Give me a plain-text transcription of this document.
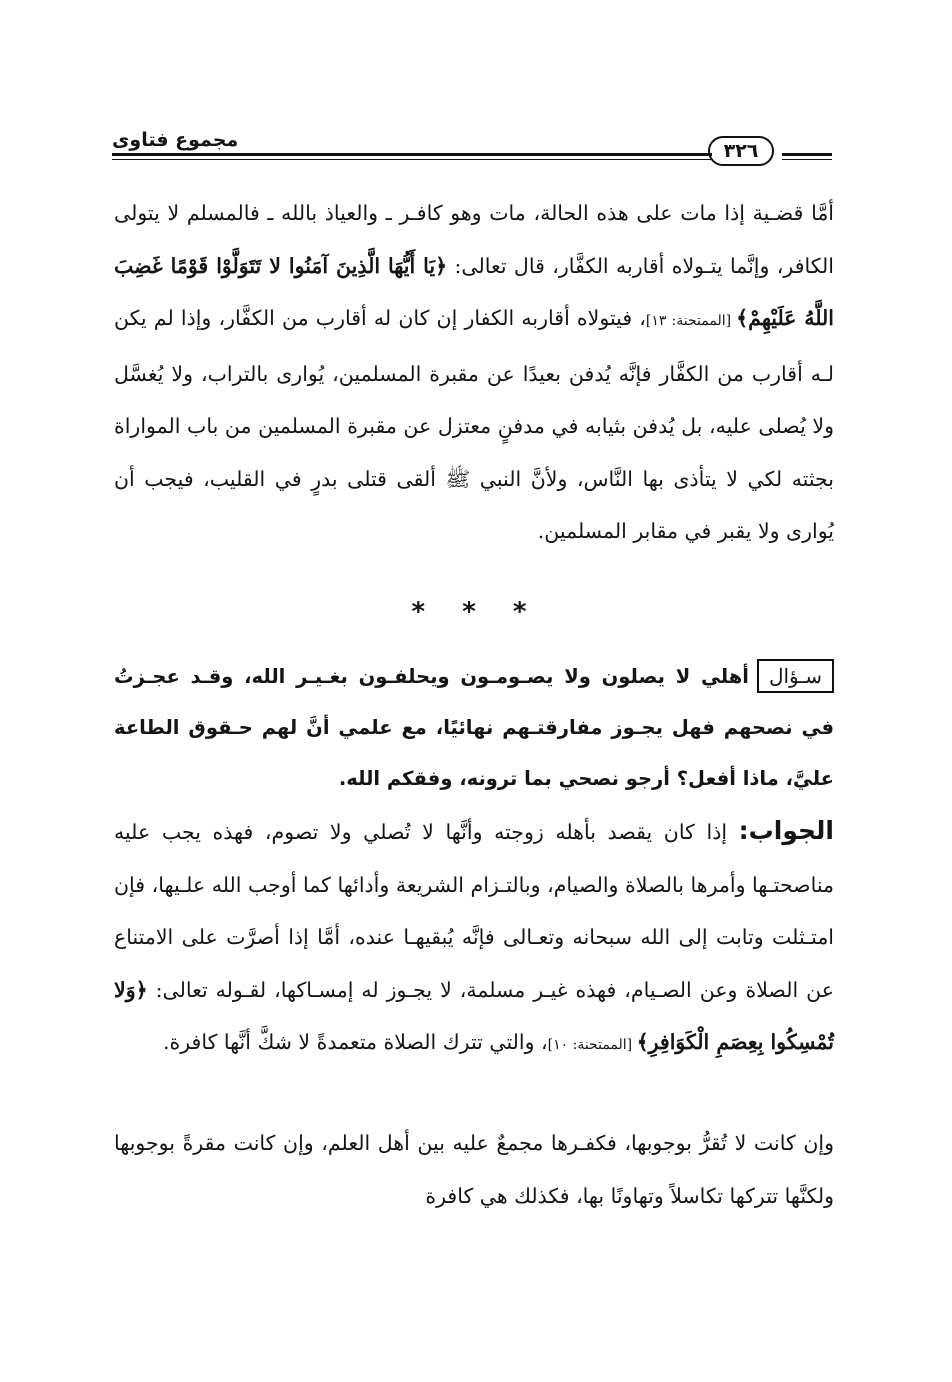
مجموع فتاوى	٣٢٦

أمَّا قضـية إذا مات على هذه الحالة، مات وهو كافـر ـ والعياذ بالله ـ فالمسلم لا يتولى الكافر، وإنَّما يتـولاه أقاربه الكفَّار، قال تعالى: ﴿يَا أَيُّهَا الَّذِينَ آمَنُوا لا تَتَوَلَّوْا قَوْمًا غَضِبَ اللَّهُ عَلَيْهِمْ﴾ [الممتحنة: ١٣]، فيتولاه أقاربه الكفار إن كان له أقارب من الكفَّار، وإذا لم يكن لـه أقارب من الكفَّار فإنَّه يُدفن بعيدًا عن مقبرة المسلمين، يُوارى بالتراب، ولا يُغسَّل ولا يُصلى عليه، بل يُدفن بثيابه في مدفنٍ معتزل عن مقبرة المسلمين من باب المواراة بجثته لكي لا يتأذى بها النَّاس، ولأنَّ النبي ﷺ ألقى قتلى بدرٍ في القليب، فيجب أن يُوارى ولا يقبر في مقابر المسلمين.

* * *
سـؤالأهلي لا يصلون ولا يصـومـون ويحلفـون بغـيـر الله، وقـد عجـزتُ في نصحهم فهل يجـوز مفارقتـهم نهائيًا، مع علمي أنَّ لهم حـقوق الطاعة عليَّ، ماذا أفعل؟ أرجو نصحي بما ترونه، وفقكم الله.

الجواب: إذا كان يقصد بأهله زوجته وأنَّها لا تُصلي ولا تصوم، فهذه يجب عليه مناصحتـها وأمرها بالصلاة والصيام، وبالتـزام الشريعة وأدائها كما أوجب الله علـيها، فإن امتـثلت وتابت إلى الله سبحانه وتعـالى فإنَّه يُبقيهـا عنده، أمَّا إذا أصرَّت على الامتناع عن الصلاة وعن الصـيام، فهذه غيـر مسلمة، لا يجـوز له إمسـاكها، لقـوله تعالى: ﴿وَلا تُمْسِكُوا بِعِصَمِ الْكَوَافِرِ﴾ [الممتحنة: ١٠]، والتي تترك الصلاة متعمدةً لا شكَّ أنَّها كافرة.

وإن كانت لا تُقرُّ بوجوبها، فكفـرها مجمعٌ عليه بين أهل العلم، وإن كانت مقرةً بوجوبها ولكنَّها تتركها تكاسلاً وتهاونًا بها، فكذلك هي كافرة
